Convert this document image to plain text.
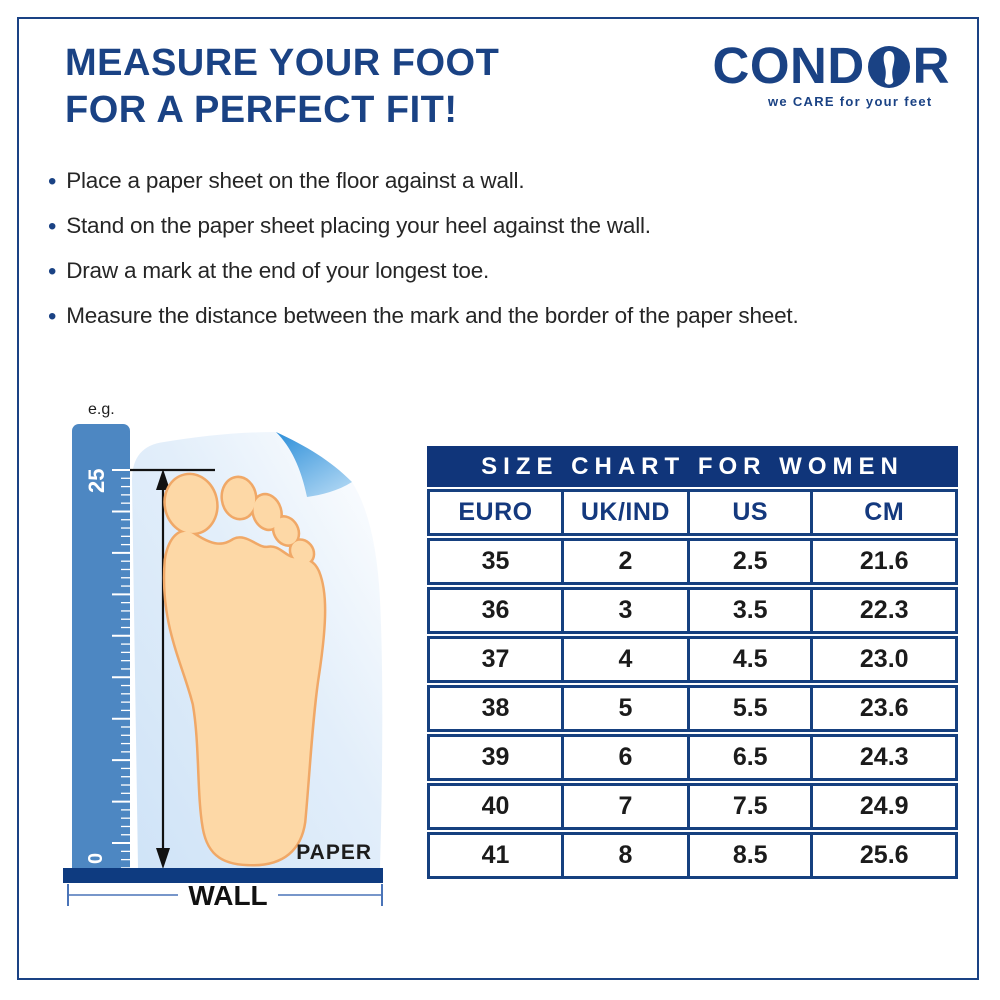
MEASURE YOUR FOOT
FOR A PERFECT FIT!
COND R
we CARE for your feet
• Place a paper sheet on the floor against a wall.
• Stand on the paper sheet placing your heel against the wall.
• Draw a mark at the end of your longest toe.
• Measure the distance between the mark and the border of the paper sheet.
25
0
e.g.
PAPER
WALL
SIZE CHART FOR WOMEN
EURO	UK/IND	US	CM
35	2	2.5	21.6
36	3	3.5	22.3
37	4	4.5	23.0
38	5	5.5	23.6
39	6	6.5	24.3
40	7	7.5	24.9
41	8	8.5	25.6
